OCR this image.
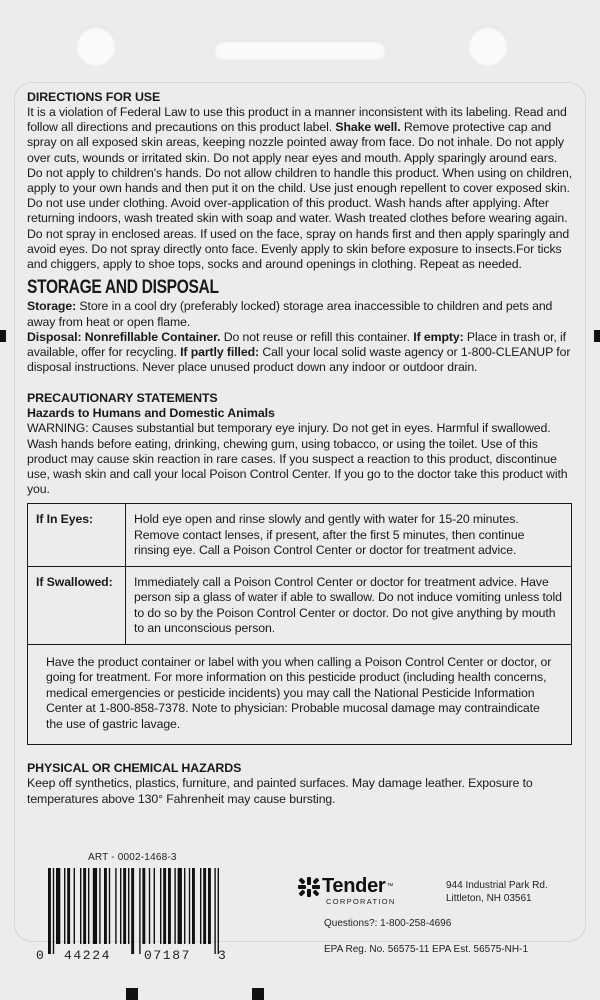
DIRECTIONS FOR USE

It is a violation of Federal Law to use this product in a manner inconsistent with its labeling. Read and follow all directions and precautions on this product label. Shake well. Remove protective cap and spray on all exposed skin areas, keeping nozzle pointed away from face. Do not inhale. Do not apply over cuts, wounds or irritated skin. Do not apply near eyes and mouth. Apply sparingly around ears. Do not apply to children's hands. Do not allow children to handle this product. When using on children, apply to your own hands and then put it on the child. Use just enough repellent to cover exposed skin. Do not use under clothing. Avoid over-application of this product. Wash hands after applying. After returning indoors, wash treated skin with soap and water. Wash treated clothes before wearing again. Do not spray in enclosed areas. If used on the face, spray on hands first and then apply sparingly and avoid eyes. Do not spray directly onto face. Evenly apply to skin before exposure to insects.For ticks and chiggers, apply to shoe tops, socks and around openings in clothing. Repeat as needed.

STORAGE AND DISPOSAL

Storage: Store in a cool dry (preferably locked) storage area inaccessible to children and pets and away from heat or open flame.

Disposal: Nonrefillable Container. Do not reuse or refill this container. If empty: Place in trash or, if available, offer for recycling. If partly filled: Call your local solid waste agency or 1-800-CLEANUP for disposal instructions. Never place unused product down any indoor or outdoor drain.

PRECAUTIONARY STATEMENTS
Hazards to Humans and Domestic Animals

WARNING: Causes substantial but temporary eye injury. Do not get in eyes. Harmful if swallowed. Wash hands before eating, drinking, chewing gum, using tobacco, or using the toilet. Use of this product may cause skin reaction in rare cases. If you suspect a reaction to this product, discontinue use, wash skin and call your local Poison Control Center. If you go to the doctor take this product with you.

If In Eyes:	Hold eye open and rinse slowly and gently with water for 15-20 minutes. Remove contact lenses, if present, after the first 5 minutes, then continue rinsing eye. Call a Poison Control Center or doctor for treatment advice.
If Swallowed:	Immediately call a Poison Control Center or doctor for treatment advice. Have person sip a glass of water if able to swallow. Do not induce vomiting unless told to do so by the Poison Control Center or doctor. Do not give anything by mouth to an unconscious person.
Have the product container or label with you when calling a Poison Control Center or doctor, or going for treatment. For more information on this pesticide product (including health concerns, medical emergencies or pesticide incidents) you may call the National Pesticide Information Center at 1-800-858-7378. Note to physician: Probable mucosal damage may contraindicate the use of gastric lavage.	
PHYSICAL OR CHEMICAL HAZARDS

Keep off synthetics, plastics, furniture, and painted surfaces. May damage leather. Exposure to temperatures above 130° Fahrenheit may cause bursting.

ART - 0002-1468-3
0 44224	07187 3
Tender ™
CORPORATION
944 Industrial Park Rd.
Littleton, NH 03561
Questions?: 1-800-258-4696
EPA Reg. No. 56575-11 EPA Est. 56575-NH-1
